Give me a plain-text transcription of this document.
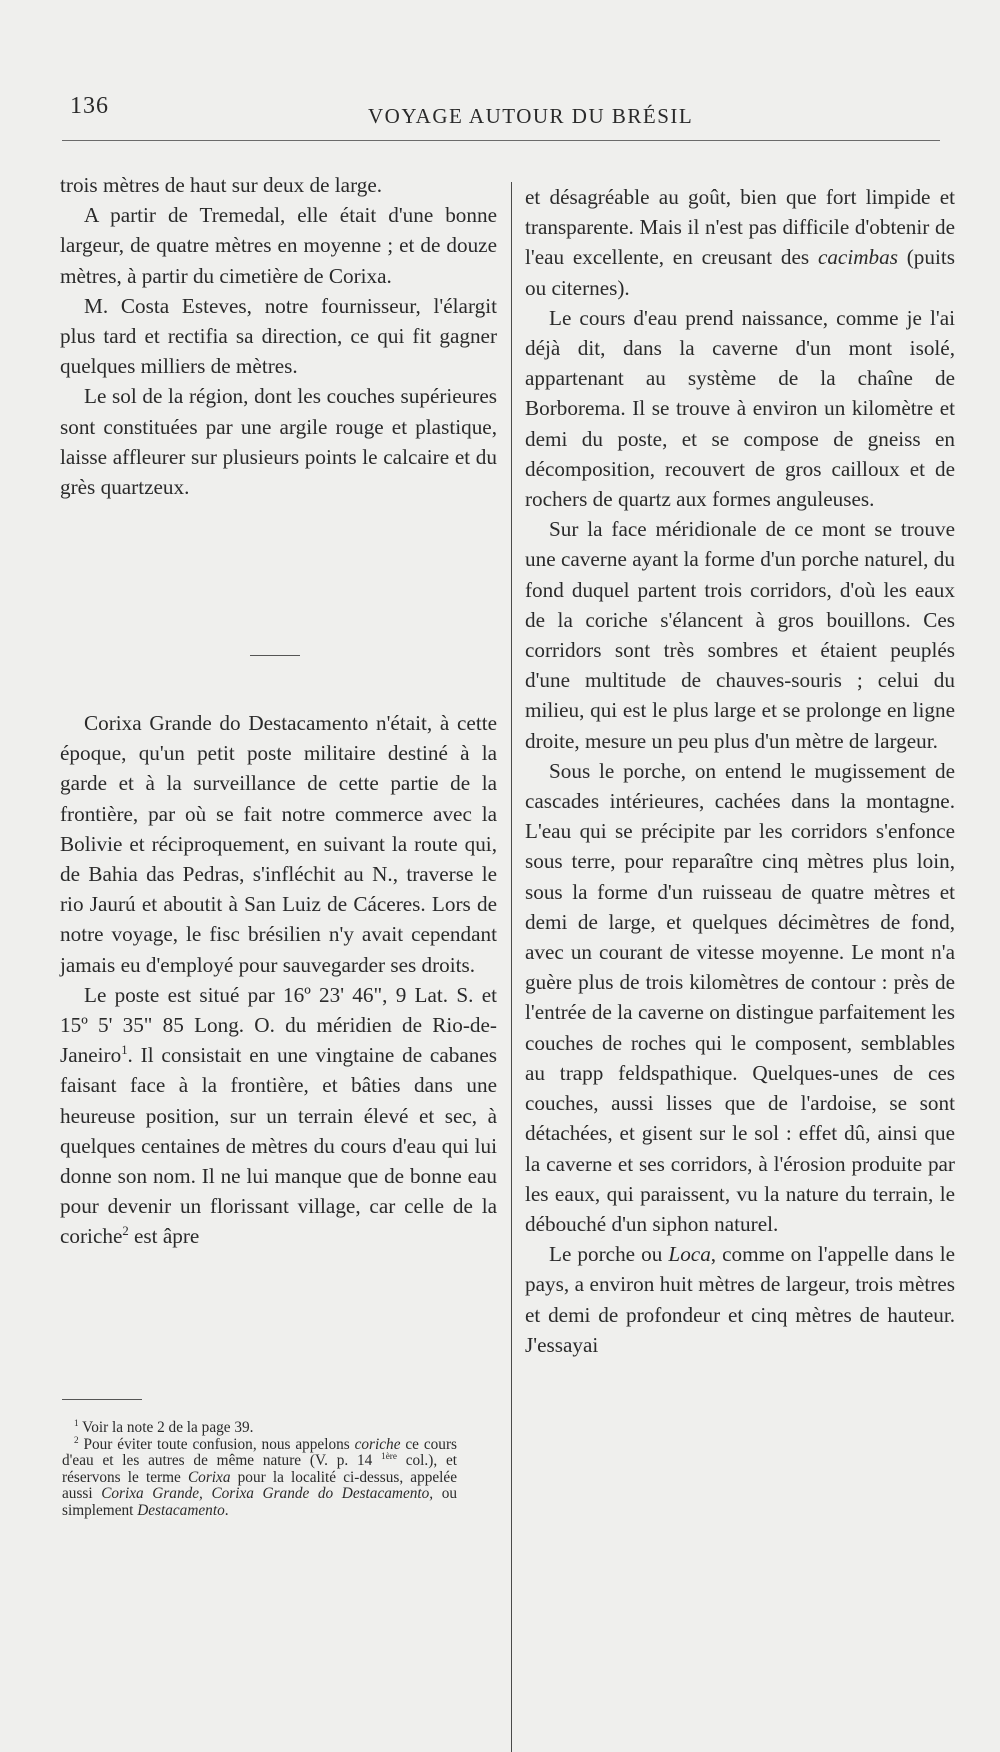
136	VOYAGE AUTOUR DU BRÉSIL

trois mètres de haut sur deux de large.

A partir de Tremedal, elle était d'une bonne largeur, de quatre mètres en moyenne ; et de douze mètres, à partir du cimetière de Corixa.

M. Costa Esteves, notre fournisseur, l'élargit plus tard et rectifia sa direction, ce qui fit gagner quelques milliers de mètres.

Le sol de la région, dont les couches supérieures sont constituées par une argile rouge et plastique, laisse affleurer sur plusieurs points le calcaire et du grès quartzeux.

Corixa Grande do Destacamento n'était, à cette époque, qu'un petit poste militaire destiné à la garde et à la surveillance de cette partie de la frontière, par où se fait notre commerce avec la Bolivie et réciproquement, en suivant la route qui, de Bahia das Pedras, s'infléchit au N., traverse le rio Jaurú et aboutit à San Luiz de Cáceres. Lors de notre voyage, le fisc brésilien n'y avait cependant jamais eu d'employé pour sauvegarder ses droits.

Le poste est situé par 16º 23' 46", 9 Lat. S. et 15º 5' 35" 85 Long. O. du méridien de Rio-de-Janeiro$^1$. Il consistait en une vingtaine de cabanes faisant face à la frontière, et bâties dans une heureuse position, sur un terrain élevé et sec, à quelques centaines de mètres du cours d'eau qui lui donne son nom. Il ne lui manque que de bonne eau pour devenir un florissant village, car celle de la coriche$^2$ est âpre

$^1$ Voir la note 2 de la page 39.

$^2$ Pour éviter toute confusion, nous appelons coriche ce cours d'eau et les autres de même nature (V. p. 14 $^{1ère}$ col.), et réservons le terme Corixa pour la localité ci-dessus, appelée aussi Corixa Grande, Corixa Grande do Destacamento, ou simplement Destacamento.

et désagréable au goût, bien que fort limpide et transparente. Mais il n'est pas difficile d'obtenir de l'eau excellente, en creusant des cacimbas (puits ou citernes).

Le cours d'eau prend naissance, comme je l'ai déjà dit, dans la caverne d'un mont isolé, appartenant au système de la chaîne de Borborema. Il se trouve à environ un kilomètre et demi du poste, et se compose de gneiss en décomposition, recouvert de gros cailloux et de rochers de quartz aux formes anguleuses.

Sur la face méridionale de ce mont se trouve une caverne ayant la forme d'un porche naturel, du fond duquel partent trois corridors, d'où les eaux de la coriche s'élancent à gros bouillons. Ces corridors sont très sombres et étaient peuplés d'une multitude de chauves-souris ; celui du milieu, qui est le plus large et se prolonge en ligne droite, mesure un peu plus d'un mètre de largeur.

Sous le porche, on entend le mugissement de cascades intérieures, cachées dans la montagne. L'eau qui se précipite par les corridors s'enfonce sous terre, pour reparaître cinq mètres plus loin, sous la forme d'un ruisseau de quatre mètres et demi de large, et quelques décimètres de fond, avec un courant de vitesse moyenne. Le mont n'a guère plus de trois kilomètres de contour : près de l'entrée de la caverne on distingue parfaitement les couches de roches qui le composent, semblables au trapp feldspathique. Quelques-unes de ces couches, aussi lisses que de l'ardoise, se sont détachées, et gisent sur le sol : effet dû, ainsi que la caverne et ses corridors, à l'érosion produite par les eaux, qui paraissent, vu la nature du terrain, le débouché d'un siphon naturel.

Le porche ou Loca, comme on l'appelle dans le pays, a environ huit mètres de largeur, trois mètres et demi de profondeur et cinq mètres de hauteur. J'essayai
